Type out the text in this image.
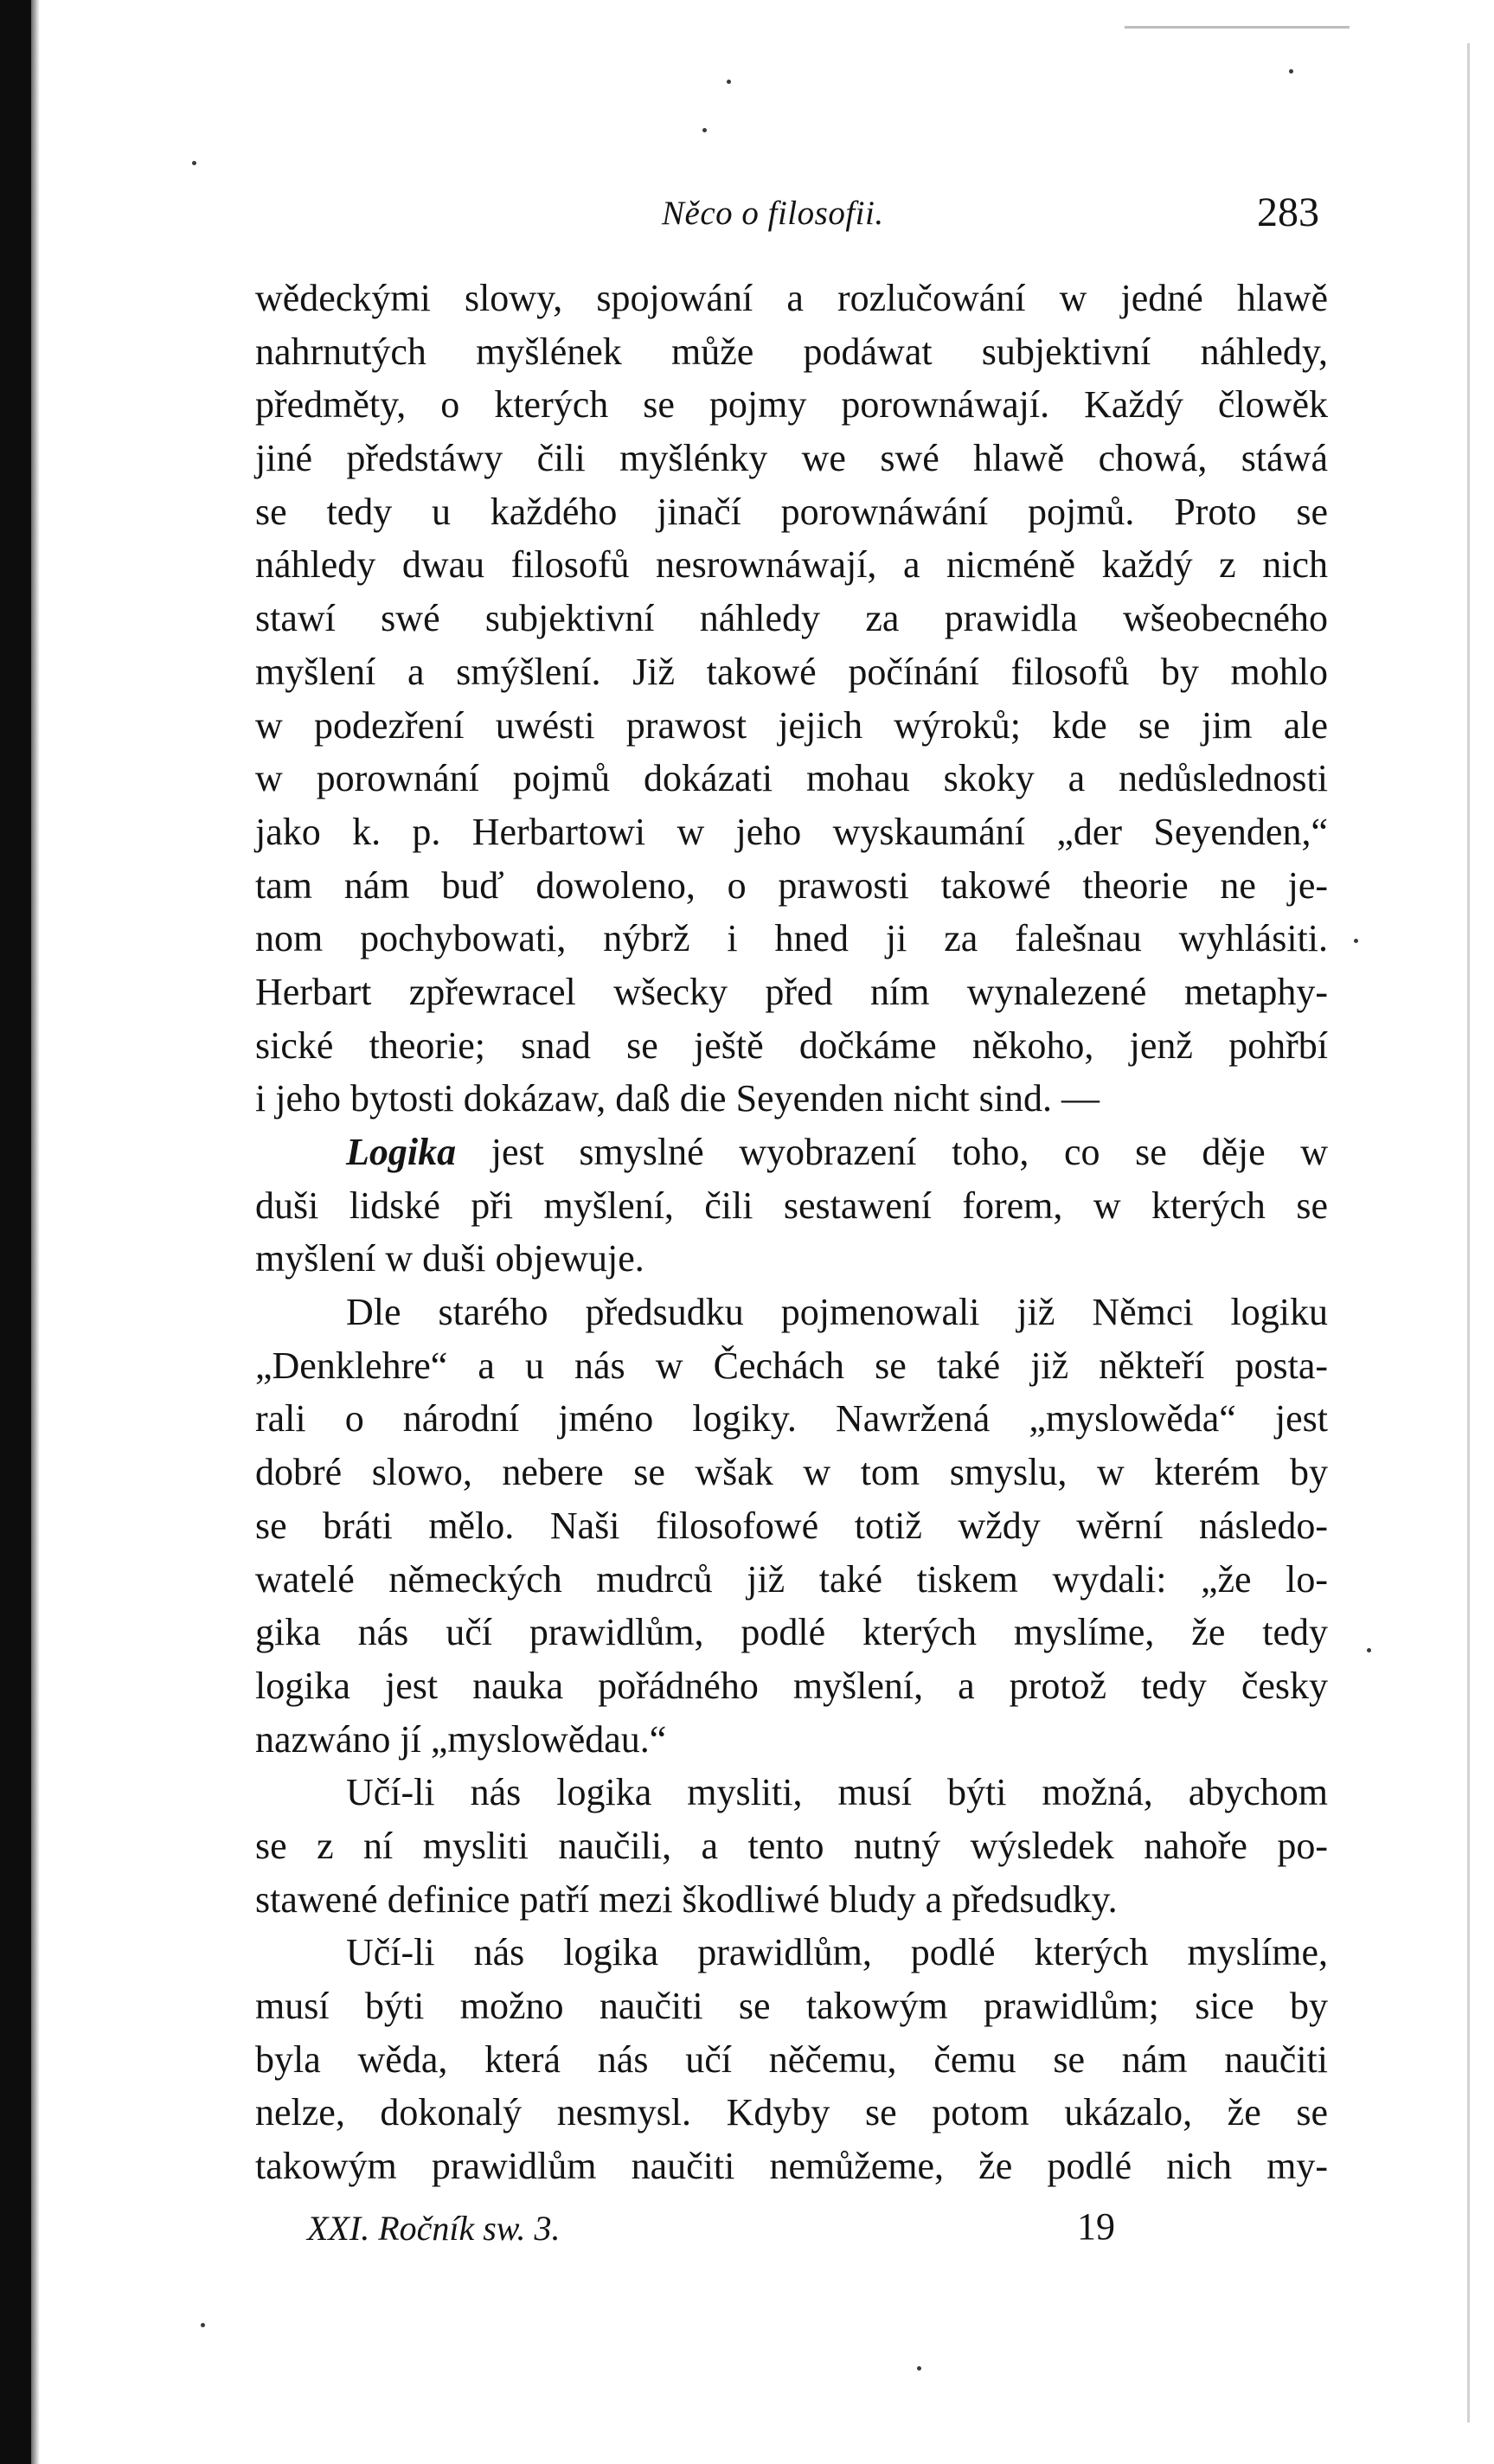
Něco o filosofii.	283
wědeckými slowy, spojowání a rozlučowání w jedné hlawě
nahrnutých myšlének může podáwat subjektivní náhledy,
předměty, o kterých se pojmy porownáwají. Každý člowěk
jiné předstáwy čili myšlénky we swé hlawě chowá, stáwá
se tedy u každého jinačí porownáwání pojmů. Proto se
náhledy dwau filosofů nesrownáwají, a nicméně každý z nich
stawí swé subjektivní náhledy za prawidla wšeobecného
myšlení a smýšlení. Již takowé počínání filosofů by mohlo
w podezření uwésti prawost jejich wýroků; kde se jim ale
w porownání pojmů dokázati mohau skoky a nedůslednosti
jako k. p. Herbartowi w jeho wyskaumání „der Seyenden,“
tam nám buď dowoleno, o prawosti takowé theorie ne je-
nom pochybowati, nýbrž i hned ji za falešnau wyhlásiti.
Herbart zpřewracel wšecky před ním wynalezené metaphy-
sické theorie; snad se ještě dočkáme někoho, jenž pohřbí
i jeho bytosti dokázaw, daß die Seyenden nicht sind. —
Logika jest smyslné wyobrazení toho, co se děje w
duši lidské při myšlení, čili sestawení forem, w kterých se
myšlení w duši objewuje.
Dle starého předsudku pojmenowali již Němci logiku
„Denklehre“ a u nás w Čechách se také již někteří posta-
rali o národní jméno logiky. Nawržená „myslowěda“ jest
dobré slowo, nebere se wšak w tom smyslu, w kterém by
se bráti mělo. Naši filosofowé totiž wždy wěrní následo-
watelé německých mudrců již také tiskem wydali: „že lo-
gika nás učí prawidlům, podlé kterých myslíme, že tedy
logika jest nauka pořádného myšlení, a protož tedy česky
nazwáno jí „myslowědau.“
Učí-li nás logika mysliti, musí býti možná, abychom
se z ní mysliti naučili, a tento nutný wýsledek nahoře po-
stawené definice patří mezi škodliwé bludy a předsudky.
Učí-li nás logika prawidlům, podlé kterých myslíme,
musí býti možno naučiti se takowým prawidlům; sice by
byla wěda, která nás učí něčemu, čemu se nám naučiti
nelze, dokonalý nesmysl. Kdyby se potom ukázalo, že se
takowým prawidlům naučiti nemůžeme, že podlé nich my-
XXI. Ročník sw. 3.	19
